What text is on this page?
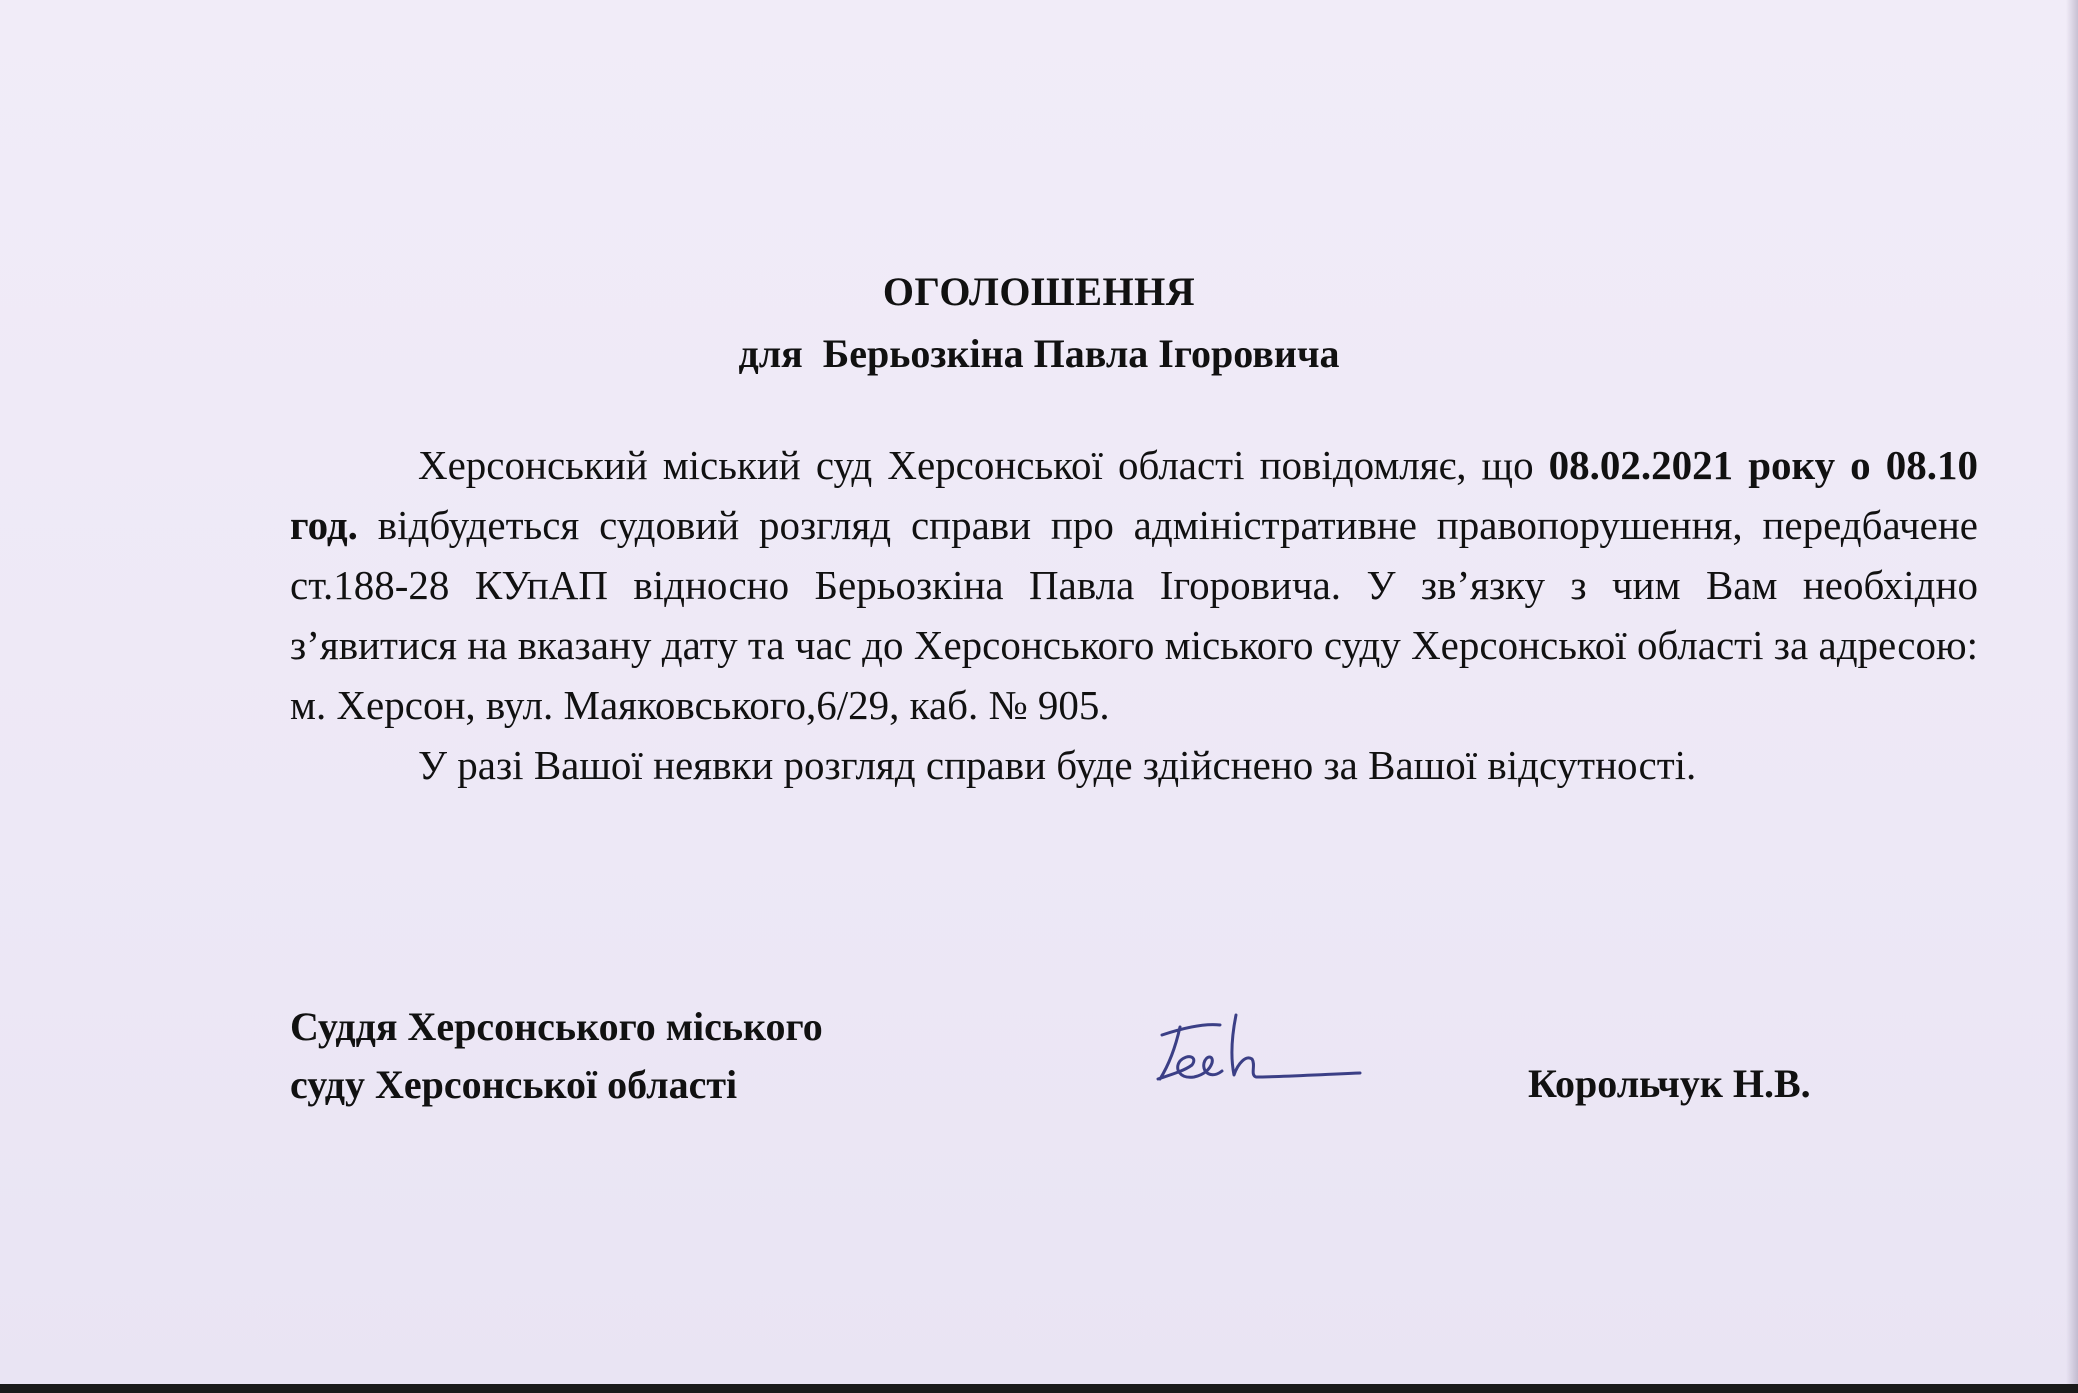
ОГОЛОШЕННЯ
для  Берьозкіна Павла Ігоровича

Херсонський міський суд Херсонської області повідомляє, що 08.02.2021 року о 08.10 год. відбудеться судовий розгляд справи про адміністративне правопорушення, передбачене ст.188-28 КУпАП відносно Берьозкіна Павла Ігоровича. У зв’язку з чим Вам необхідно з’явитися на вказану дату та час до Херсонського міського суду Херсонської області за адресою: м. Херсон, вул. Маяковського,6/29, каб. № 905.

У разі Вашої неявки розгляд справи буде здійснено за Вашої відсутності.

Суддя Херсонського міського
суду Херсонської області	Корольчук Н.В.
